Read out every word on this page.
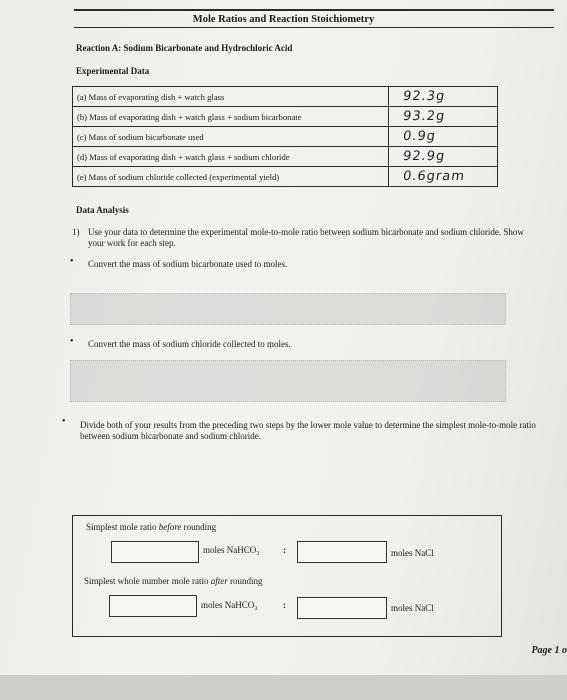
Mole Ratios and Reaction Stoichiometry
Reaction A: Sodium Bicarbonate and Hydrochloric Acid
Experimental Data
(a) Mass of evaporating dish + watch glass	92.3g

(b) Mass of evaporating dish + watch glass + sodium bicarbonate	93.2g

(c) Mass of sodium bicarbonate used	0.9g

(d) Mass of evaporating dish + watch glass + sodium chloride	92.9g

(e) Mass of sodium chloride collected (experimental yield)	0.6gram
Data Analysis
1) Use your data to determine the experimental mole-to-mole ratio between sodium bicarbonate and sodium chloride. Show your work for each step.
• Convert the mass of sodium bicarbonate used to moles.
• Convert the mass of sodium chloride collected to moles.
• Divide both of your results from the preceding two steps by the lower mole value to determine the simplest mole-to-mole ratio between sodium bicarbonate and sodium chloride.
Simplest mole ratio before rounding
moles NaHCO₃	:	moles NaCl
Simplest whole number mole ratio after rounding
moles NaHCO₃	:	moles NaCl
Page 1 o
